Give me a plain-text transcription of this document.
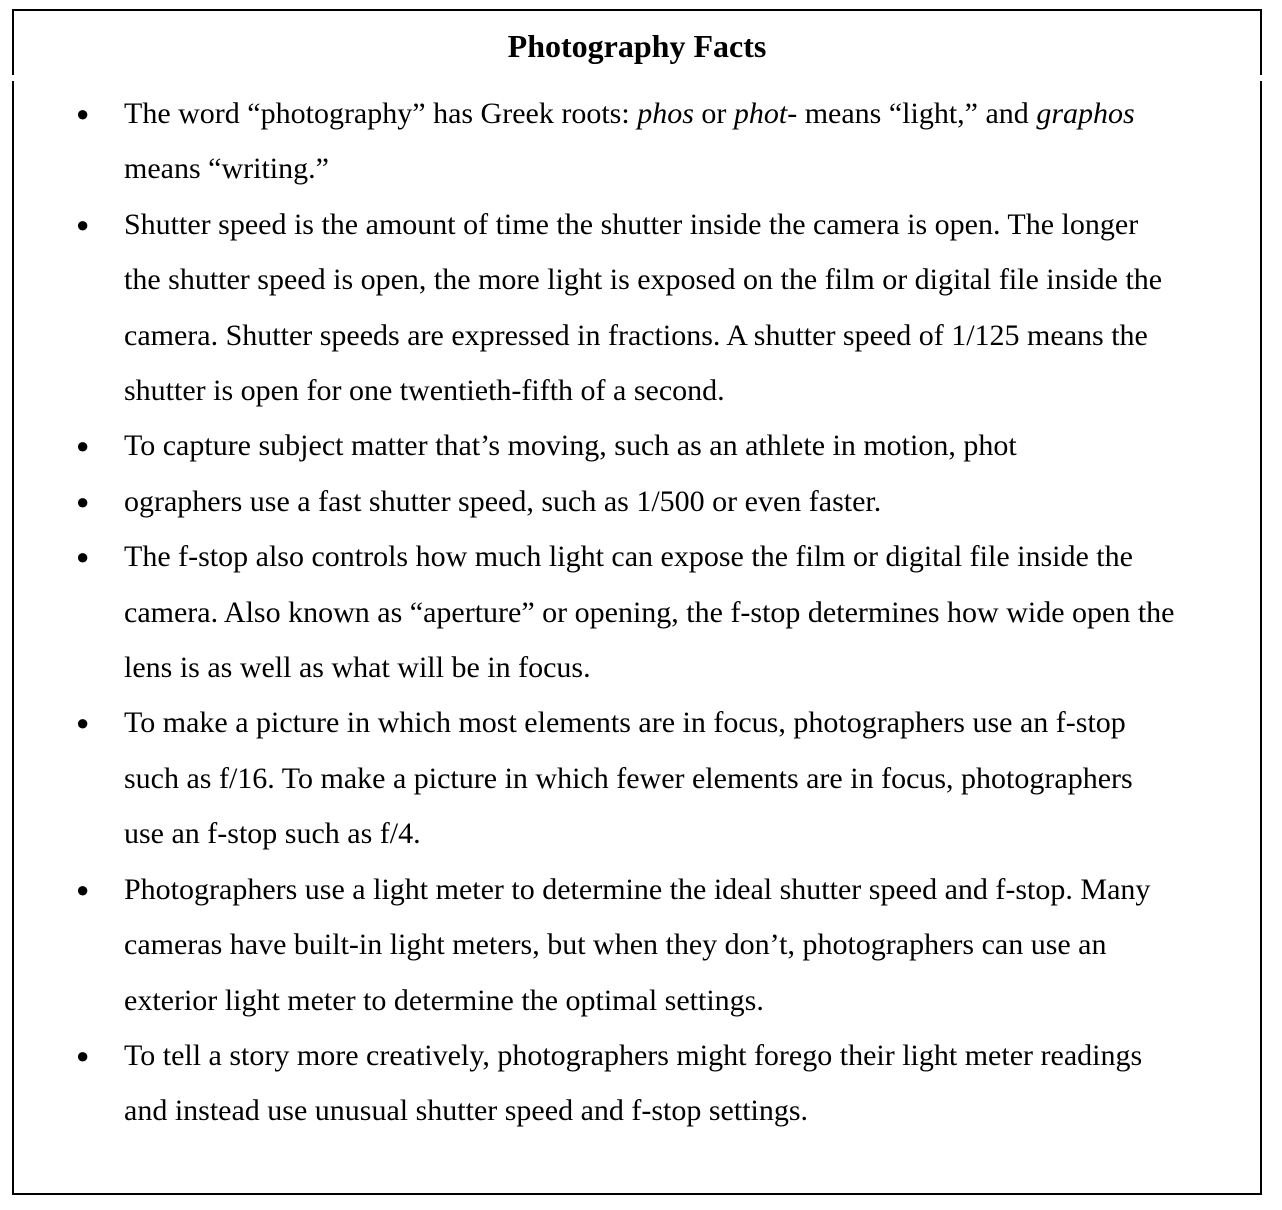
Photography Facts
● The word “photography” has Greek roots: phos or phot- means “light,” and graphos
means “writing.”
● Shutter speed is the amount of time the shutter inside the camera is open. The longer
the shutter speed is open, the more light is exposed on the film or digital file inside the
camera. Shutter speeds are expressed in fractions. A shutter speed of 1/125 means the
shutter is open for one twentieth-fifth of a second.
● To capture subject matter that’s moving, such as an athlete in motion, phot
● ographers use a fast shutter speed, such as 1/500 or even faster.
● The f-stop also controls how much light can expose the film or digital file inside the
camera. Also known as “aperture” or opening, the f-stop determines how wide open the
lens is as well as what will be in focus.
● To make a picture in which most elements are in focus, photographers use an f-stop
such as f/16. To make a picture in which fewer elements are in focus, photographers
use an f-stop such as f/4.
● Photographers use a light meter to determine the ideal shutter speed and f-stop. Many
cameras have built-in light meters, but when they don’t, photographers can use an
exterior light meter to determine the optimal settings.
● To tell a story more creatively, photographers might forego their light meter readings
and instead use unusual shutter speed and f-stop settings.
